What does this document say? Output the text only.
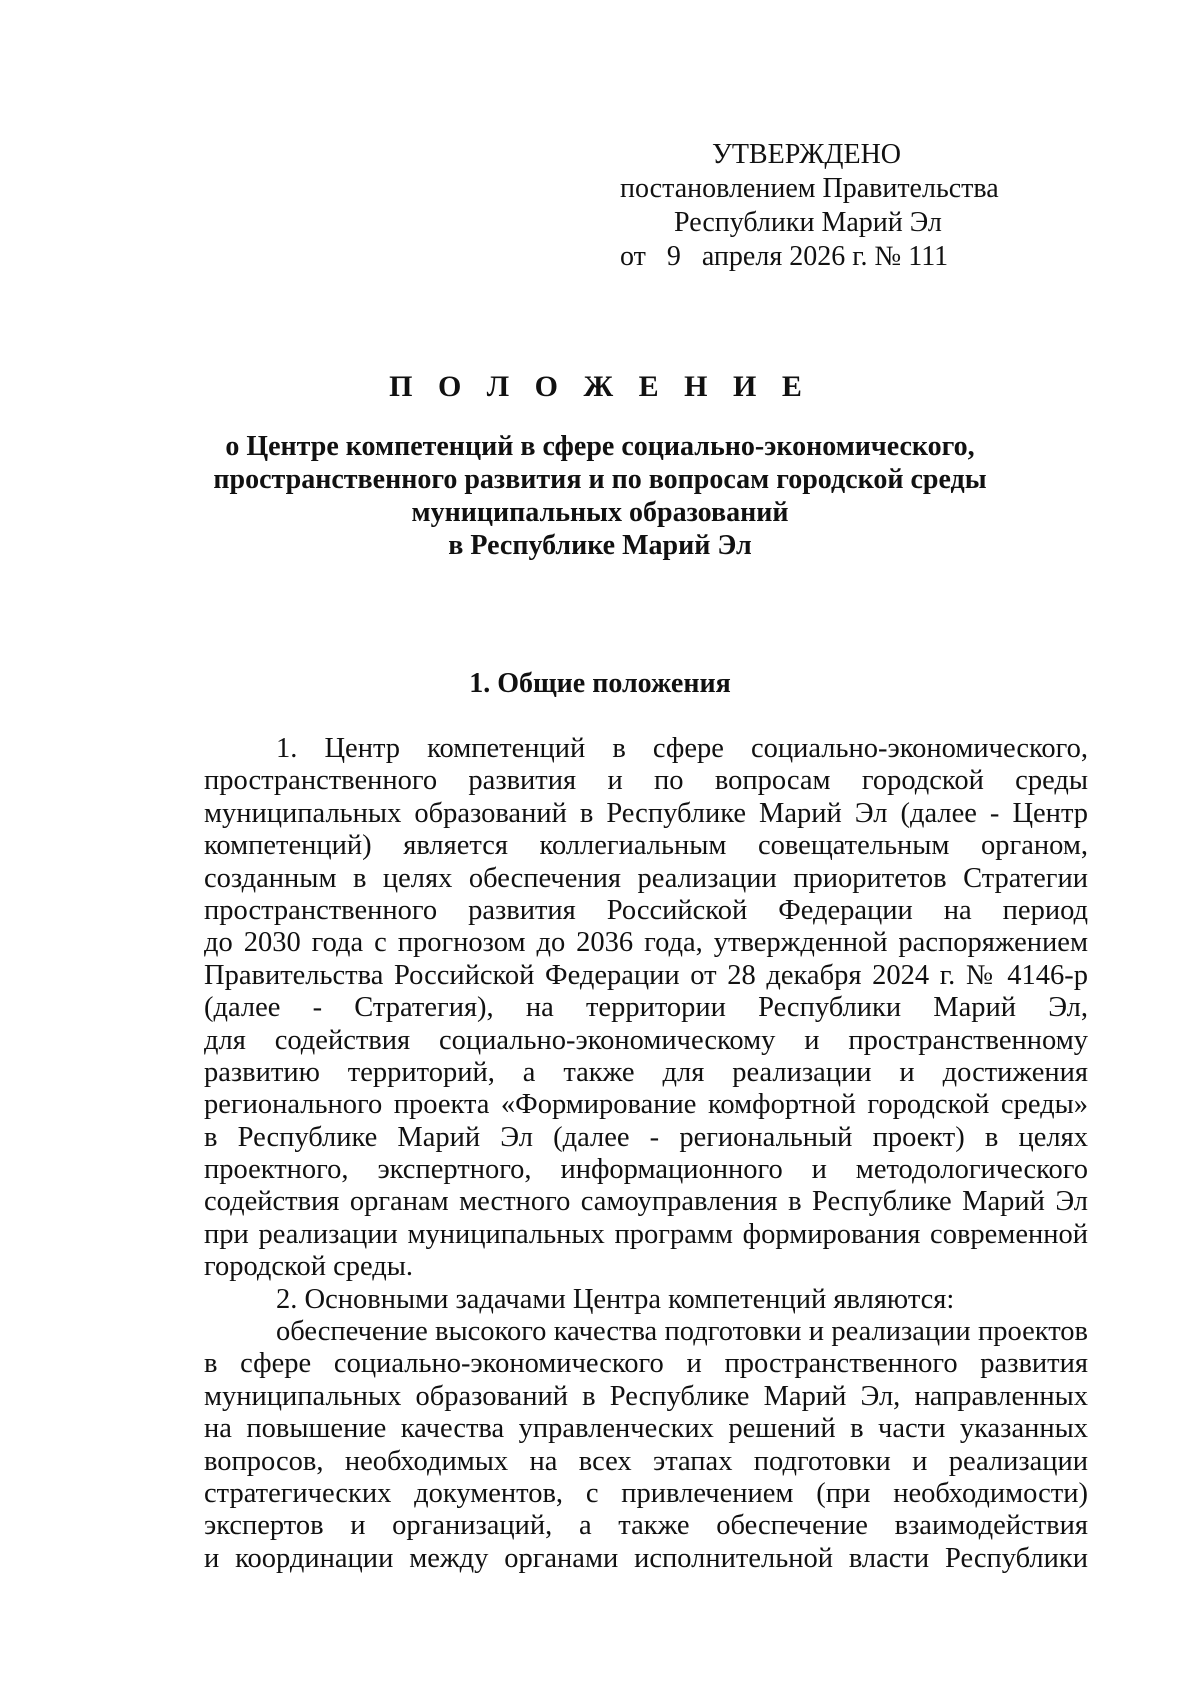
УТВЕРЖДЕНО
постановлением Правительства
Республики Марий Эл
от 9 апреля 2026 г. № 111
П О Л О Ж Е Н И Е
о Центре компетенций в сфере социально-экономического,
пространственного развития и по вопросам городской среды
муниципальных образований
в Республике Марий Эл
1. Общие положения
1. Центр компетенций в сфере социально-экономического,
пространственного развития и по вопросам городской среды
муниципальных образований в Республике Марий Эл (далее - Центр
компетенций) является коллегиальным совещательным органом,
созданным в целях обеспечения реализации приоритетов Стратегии
пространственного развития Российской Федерации на период
до 2030 года с прогнозом до 2036 года, утвержденной распоряжением
Правительства Российской Федерации от 28 декабря 2024 г. № 4146-р
(далее - Стратегия), на территории Республики Марий Эл,
для содействия социально-экономическому и пространственному
развитию территорий, а также для реализации и достижения
регионального проекта «Формирование комфортной городской среды»
в Республике Марий Эл (далее - региональный проект) в целях
проектного, экспертного, информационного и методологического
содействия органам местного самоуправления в Республике Марий Эл
при реализации муниципальных программ формирования современной
городской среды.
2. Основными задачами Центра компетенций являются:
обеспечение высокого качества подготовки и реализации проектов
в сфере социально-экономического и пространственного развития
муниципальных образований в Республике Марий Эл, направленных
на повышение качества управленческих решений в части указанных
вопросов, необходимых на всех этапах подготовки и реализации
стратегических документов, с привлечением (при необходимости)
экспертов и организаций, а также обеспечение взаимодействия
и координации между органами исполнительной власти Республики
